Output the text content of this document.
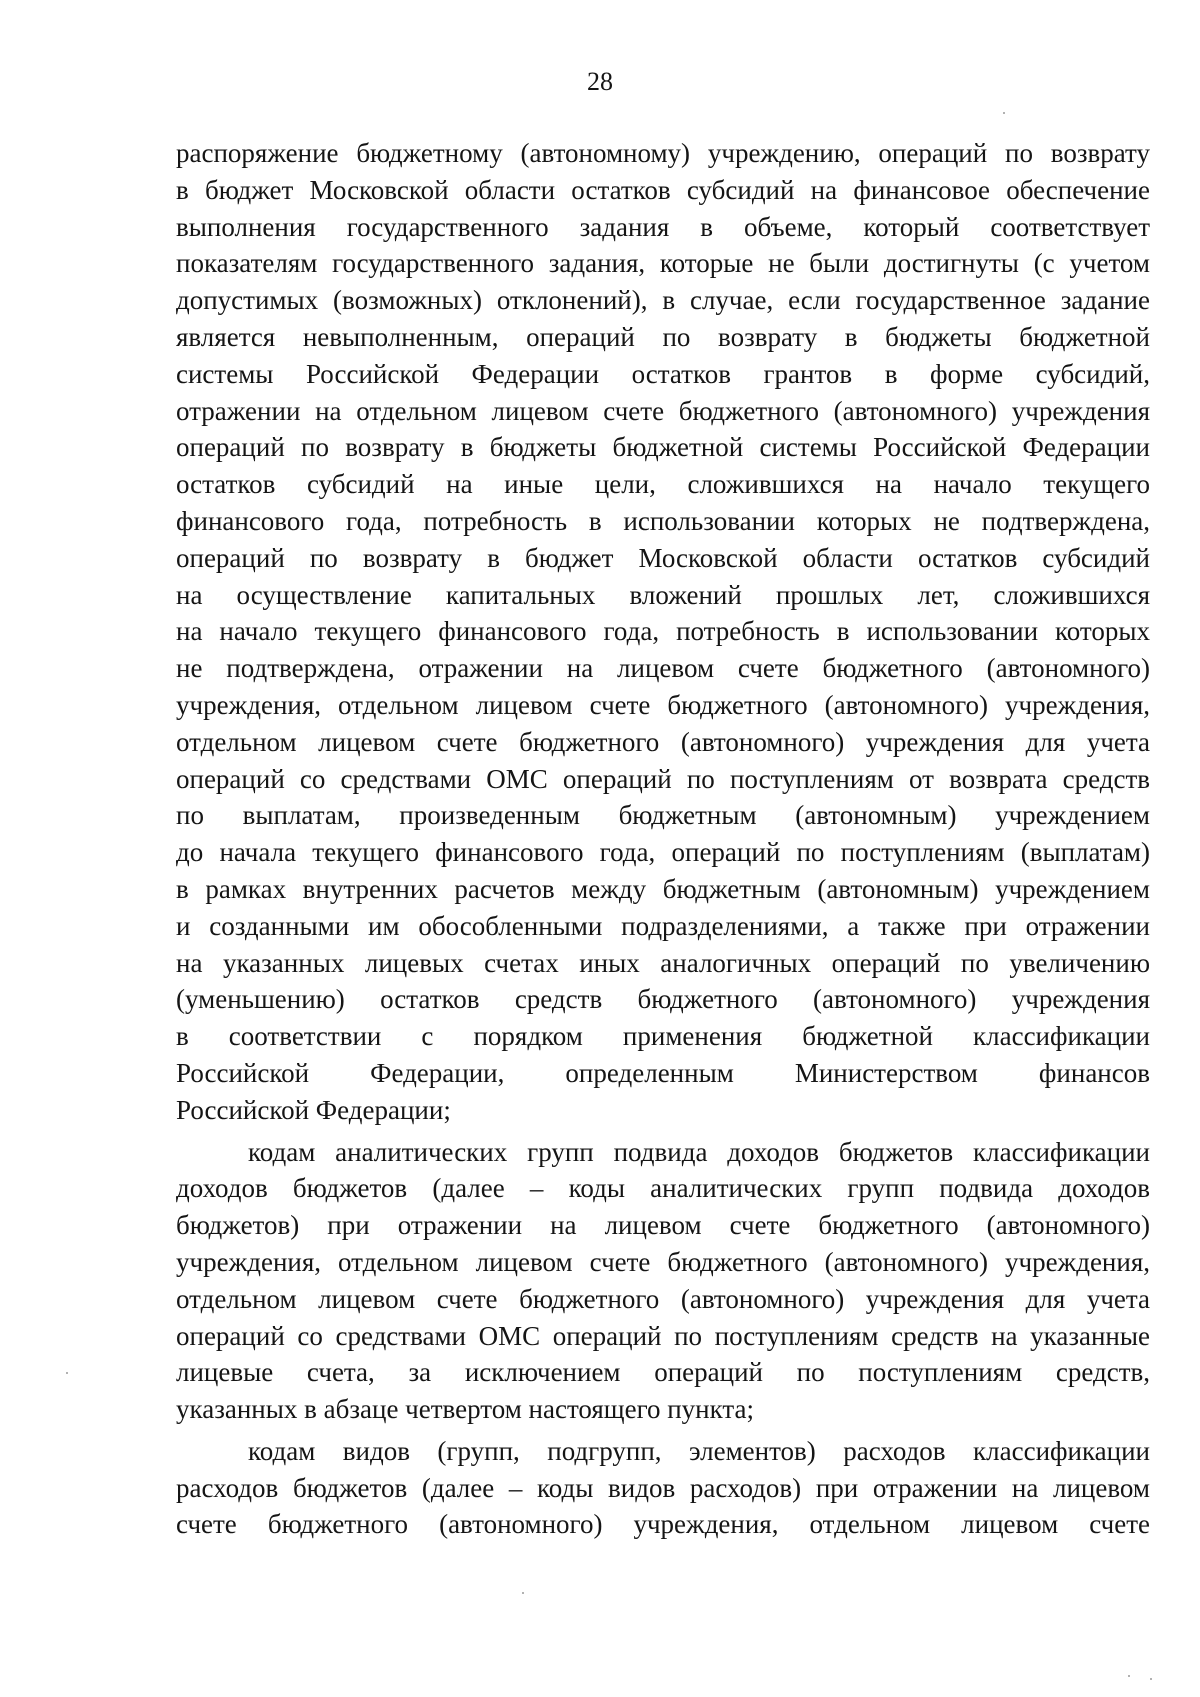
28

распоряжение бюджетному (автономному) учреждению, операций по возврату
в бюджет Московской области остатков субсидий на финансовое обеспечение
выполнения государственного задания в объеме, который соответствует
показателям государственного задания, которые не были достигнуты (с учетом
допустимых (возможных) отклонений), в случае, если государственное задание
является невыполненным, операций по возврату в бюджеты бюджетной
системы Российской Федерации остатков грантов в форме субсидий,
отражении на отдельном лицевом счете бюджетного (автономного) учреждения
операций по возврату в бюджеты бюджетной системы Российской Федерации
остатков субсидий на иные цели, сложившихся на начало текущего
финансового года, потребность в использовании которых не подтверждена,
операций по возврату в бюджет Московской области остатков субсидий
на осуществление капитальных вложений прошлых лет, сложившихся
на начало текущего финансового года, потребность в использовании которых
не подтверждена, отражении на лицевом счете бюджетного (автономного)
учреждения, отдельном лицевом счете бюджетного (автономного) учреждения,
отдельном лицевом счете бюджетного (автономного) учреждения для учета
операций со средствами ОМС операций по поступлениям от возврата средств
по выплатам, произведенным бюджетным (автономным) учреждением
до начала текущего финансового года, операций по поступлениям (выплатам)
в рамках внутренних расчетов между бюджетным (автономным) учреждением
и созданными им обособленными подразделениями, а также при отражении
на указанных лицевых счетах иных аналогичных операций по увеличению
(уменьшению) остатков средств бюджетного (автономного) учреждения
в соответствии с порядком применения бюджетной классификации
Российской Федерации, определенным Министерством финансов
Российской Федерации;

кодам аналитических групп подвида доходов бюджетов классификации
доходов бюджетов (далее – коды аналитических групп подвида доходов
бюджетов) при отражении на лицевом счете бюджетного (автономного)
учреждения, отдельном лицевом счете бюджетного (автономного) учреждения,
отдельном лицевом счете бюджетного (автономного) учреждения для учета
операций со средствами ОМС операций по поступлениям средств на указанные
лицевые счета, за исключением операций по поступлениям средств,
указанных в абзаце четвертом настоящего пункта;

кодам видов (групп, подгрупп, элементов) расходов классификации
расходов бюджетов (далее – коды видов расходов) при отражении на лицевом
счете бюджетного (автономного) учреждения, отдельном лицевом счете
